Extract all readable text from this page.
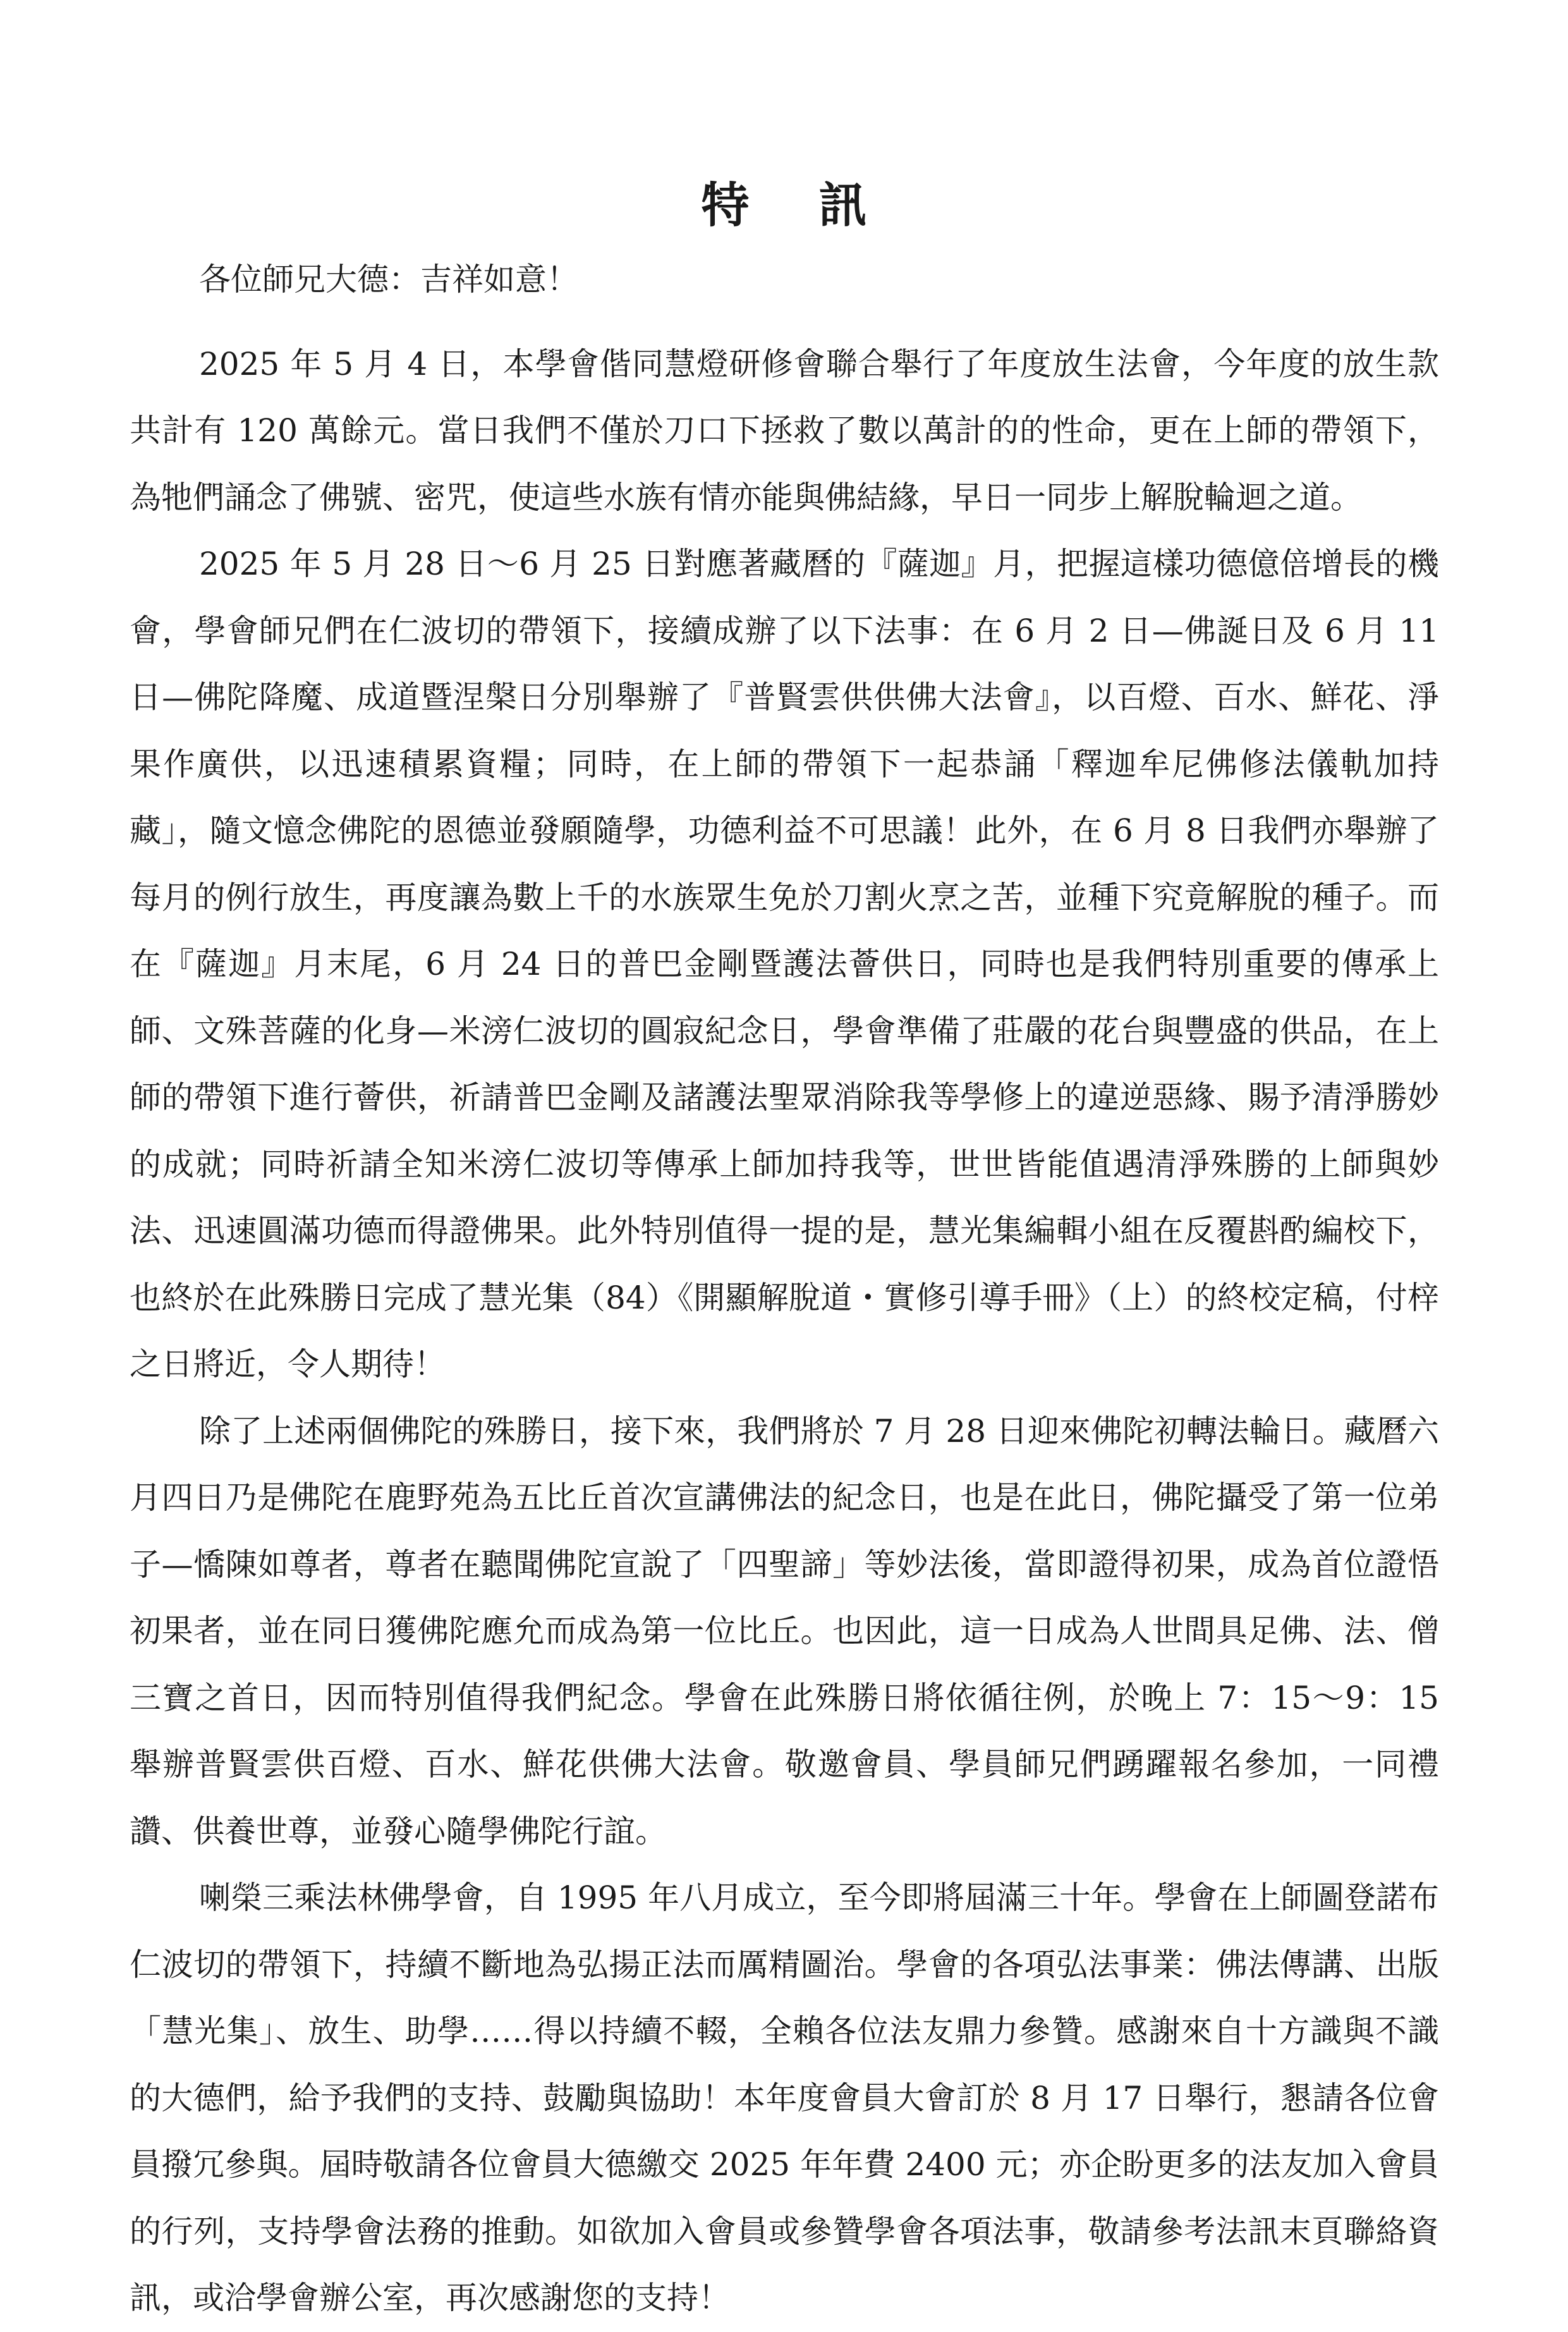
特訊

各位師兄大德：吉祥如意！

2025 年 5 月 4 日，本學會偕同慧燈研修會聯合舉行了年度放生法會，今年度的放生款共計有 120 萬餘元。當日我們不僅於刀口下拯救了數以萬計的的性命，更在上師的帶領下，為牠們誦念了佛號、密咒，使這些水族有情亦能與佛結緣，早日一同步上解脫輪迴之道。

2025 年 5 月 28 日～6 月 25 日對應著藏曆的『薩迦』月，把握這樣功德億倍增長的機會，學會師兄們在仁波切的帶領下，接續成辦了以下法事：在 6 月 2 日—佛誕日及 6 月 11 日—佛陀降魔、成道暨涅槃日分別舉辦了『普賢雲供供佛大法會』，以百燈、百水、鮮花、淨果作廣供，以迅速積累資糧；同時，在上師的帶領下一起恭誦「釋迦牟尼佛修法儀軌加持藏」，隨文憶念佛陀的恩德並發願隨學，功德利益不可思議！此外，在 6 月 8 日我們亦舉辦了每月的例行放生，再度讓為數上千的水族眾生免於刀割火烹之苦，並種下究竟解脫的種子。而在『薩迦』月末尾，6 月 24 日的普巴金剛暨護法薈供日，同時也是我們特別重要的傳承上師、文殊菩薩的化身—米滂仁波切的圓寂紀念日，學會準備了莊嚴的花台與豐盛的供品，在上師的帶領下進行薈供，祈請普巴金剛及諸護法聖眾消除我等學修上的違逆惡緣、賜予清淨勝妙的成就；同時祈請全知米滂仁波切等傳承上師加持我等，世世皆能值遇清淨殊勝的上師與妙法、迅速圓滿功德而得證佛果。此外特別值得一提的是，慧光集編輯小組在反覆斟酌編校下，也終於在此殊勝日完成了慧光集（84）《開顯解脫道・實修引導手冊》（上）的終校定稿，付梓之日將近，令人期待！

除了上述兩個佛陀的殊勝日，接下來，我們將於 7 月 28 日迎來佛陀初轉法輪日。藏曆六月四日乃是佛陀在鹿野苑為五比丘首次宣講佛法的紀念日，也是在此日，佛陀攝受了第一位弟子—憍陳如尊者，尊者在聽聞佛陀宣說了「四聖諦」等妙法後，當即證得初果，成為首位證悟初果者，並在同日獲佛陀應允而成為第一位比丘。也因此，這一日成為人世間具足佛、法、僧三寶之首日，因而特別值得我們紀念。學會在此殊勝日將依循往例，於晚上 7：15～9：15 舉辦普賢雲供百燈、百水、鮮花供佛大法會。敬邀會員、學員師兄們踴躍報名參加，一同禮讚、供養世尊，並發心隨學佛陀行誼。

喇榮三乘法林佛學會，自 1995 年八月成立，至今即將屆滿三十年。學會在上師圖登諾布仁波切的帶領下，持續不斷地為弘揚正法而厲精圖治。學會的各項弘法事業：佛法傳講、出版「慧光集」、放生、助學……得以持續不輟，全賴各位法友鼎力參贊。感謝來自十方識與不識的大德們，給予我們的支持、鼓勵與協助！本年度會員大會訂於 8 月 17 日舉行，懇請各位會員撥冗參與。屆時敬請各位會員大德繳交 2025 年年費 2400 元；亦企盼更多的法友加入會員的行列，支持學會法務的推動。如欲加入會員或參贊學會各項法事，敬請參考法訊末頁聯絡資訊，或洽學會辦公室，再次感謝您的支持！
